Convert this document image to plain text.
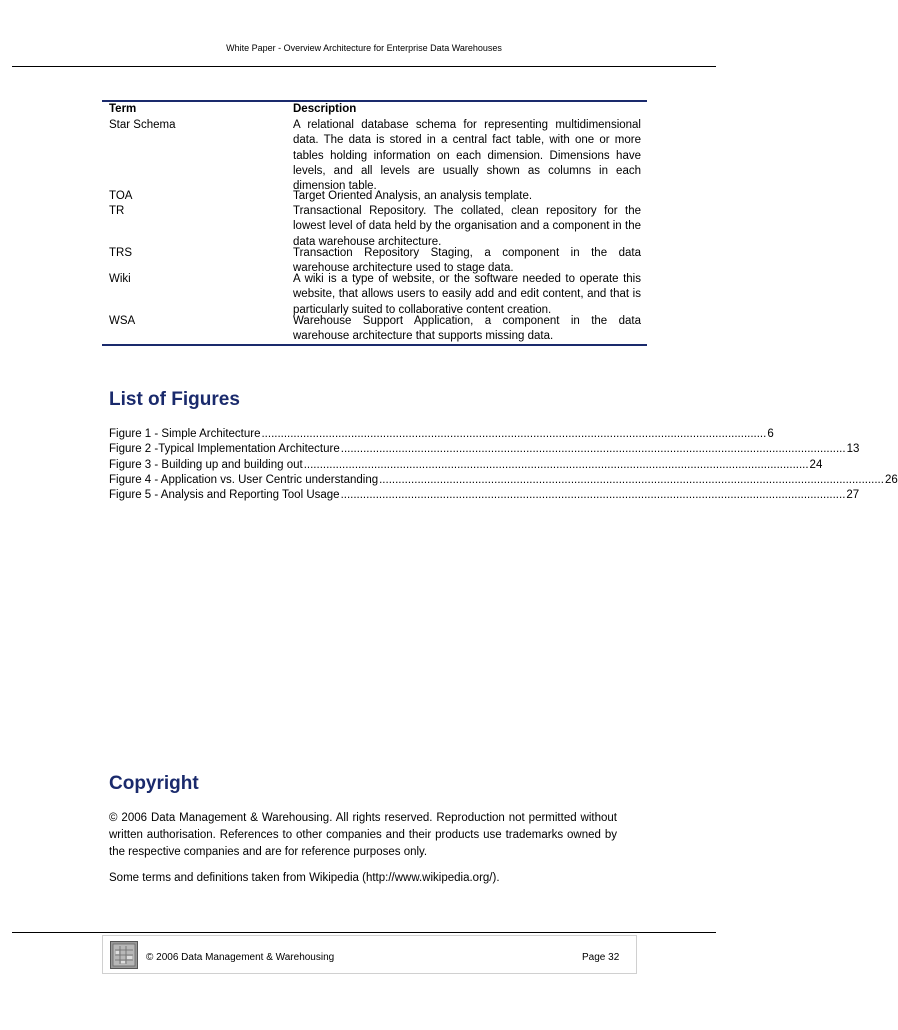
White Paper - Overview Architecture for Enterprise Data Warehouses
Term	Description
Star Schema	A relational database schema for representing multidimensional data. The data is stored in a central fact table, with one or more tables holding information on each dimension. Dimensions have levels, and all levels are usually shown as columns in each dimension table.
TOA	Target Oriented Analysis, an analysis template.
TR	Transactional Repository. The collated, clean repository for the lowest level of data held by the organisation and a component in the data warehouse architecture.
TRS	Transaction Repository Staging, a component in the data warehouse architecture used to stage data.
Wiki	A wiki is a type of website, or the software needed to operate this website, that allows users to easily add and edit content, and that is particularly suited to collaborative content creation.
WSA	Warehouse Support Application, a component in the data warehouse architecture that supports missing data.
List of Figures
Figure 1 - Simple Architecture .............................................................................................................................................................. 6
Figure 2 -Typical Implementation Architecture .............................................................................................................................................................. 13
Figure 3 - Building up and building out .............................................................................................................................................................. 24
Figure 4 - Application vs. User Centric understanding .............................................................................................................................................................. 26
Figure 5 - Analysis and Reporting Tool Usage .............................................................................................................................................................. 27
Copyright
© 2006 Data Management & Warehousing. All rights reserved. Reproduction not permitted without written authorisation. References to other companies and their products use trademarks owned by the respective companies and are for reference purposes only.
Some terms and definitions taken from Wikipedia (http://www.wikipedia.org/).
© 2006 Data Management & Warehousing	Page 32
